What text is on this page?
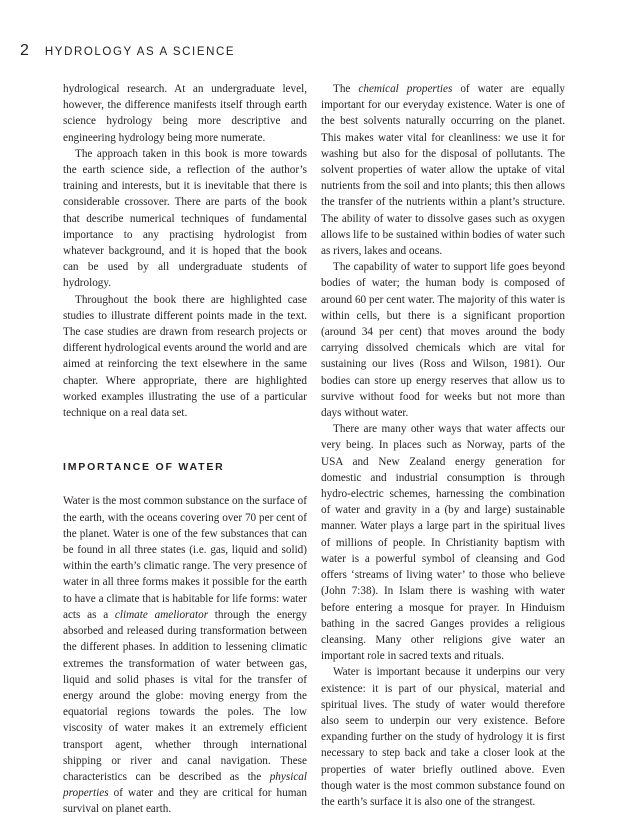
2 HYDROLOGY AS A SCIENCE

hydrological research. At an undergraduate level, however, the difference manifests itself through earth science hydrology being more descriptive and engineering hydrology being more numerate.

The approach taken in this book is more towards the earth science side, a reflection of the author’s training and interests, but it is inevitable that there is considerable crossover. There are parts of the book that describe numerical techniques of fundamental importance to any practising hydrologist from whatever background, and it is hoped that the book can be used by all undergraduate students of hydrology.

Throughout the book there are highlighted case studies to illustrate different points made in the text. The case studies are drawn from research projects or different hydrological events around the world and are aimed at reinforcing the text elsewhere in the same chapter. Where appropriate, there are highlighted worked examples illustrating the use of a particular technique on a real data set.

IMPORTANCE OF WATER

Water is the most common substance on the surface of the earth, with the oceans covering over 70 per cent of the planet. Water is one of the few substances that can be found in all three states (i.e. gas, liquid and solid) within the earth’s climatic range. The very presence of water in all three forms makes it possible for the earth to have a climate that is habitable for life forms: water acts as a climate ameliorator through the energy absorbed and released during transformation between the different phases. In addition to lessening climatic extremes the transformation of water between gas, liquid and solid phases is vital for the transfer of energy around the globe: moving energy from the equatorial regions towards the poles. The low viscosity of water makes it an extremely efficient transport agent, whether through international shipping or river and canal navigation. These characteristics can be described as the physical properties of water and they are critical for human survival on planet earth.

The chemical properties of water are equally important for our everyday existence. Water is one of the best solvents naturally occurring on the planet. This makes water vital for cleanliness: we use it for washing but also for the disposal of pollutants. The solvent properties of water allow the uptake of vital nutrients from the soil and into plants; this then allows the transfer of the nutrients within a plant’s structure. The ability of water to dissolve gases such as oxygen allows life to be sustained within bodies of water such as rivers, lakes and oceans.

The capability of water to support life goes beyond bodies of water; the human body is composed of around 60 per cent water. The majority of this water is within cells, but there is a significant proportion (around 34 per cent) that moves around the body carrying dissolved chemicals which are vital for sustaining our lives (Ross and Wilson, 1981). Our bodies can store up energy reserves that allow us to survive without food for weeks but not more than days without water.

There are many other ways that water affects our very being. In places such as Norway, parts of the USA and New Zealand energy generation for domestic and industrial consumption is through hydro-electric schemes, harnessing the combination of water and gravity in a (by and large) sustainable manner. Water plays a large part in the spiritual lives of millions of people. In Christianity baptism with water is a powerful symbol of cleansing and God offers ‘streams of living water’ to those who believe (John 7:38). In Islam there is washing with water before entering a mosque for prayer. In Hinduism bathing in the sacred Ganges provides a religious cleansing. Many other religions give water an important role in sacred texts and rituals.

Water is important because it underpins our very existence: it is part of our physical, material and spiritual lives. The study of water would therefore also seem to underpin our very existence. Before expanding further on the study of hydrology it is first necessary to step back and take a closer look at the properties of water briefly outlined above. Even though water is the most common substance found on the earth’s surface it is also one of the strangest.
